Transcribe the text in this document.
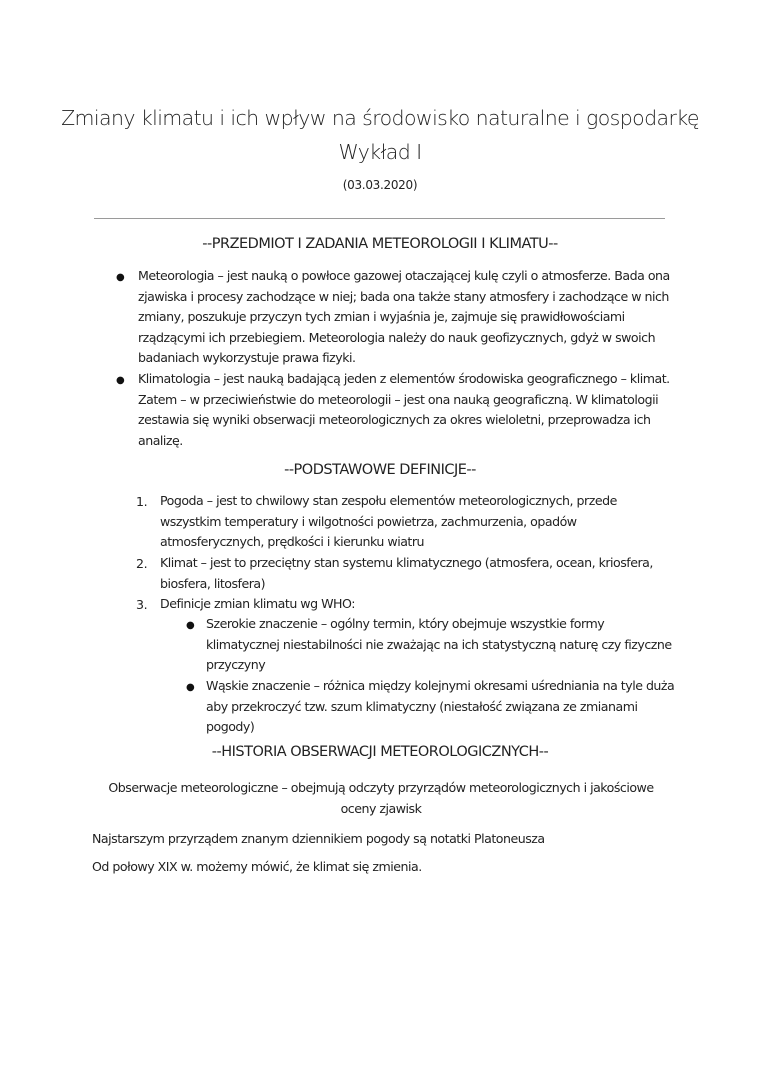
Zmiany klimatu i ich wpływ na środowisko naturalne i gospodarkę
Wykład I
(03.03.2020)
--PRZEDMIOT I ZADANIA METEOROLOGII I KLIMATU--
● Meteorologia – jest nauką o powłoce gazowej otaczającej kulę czyli o atmosferze. Bada ona zjawiska i procesy zachodzące w niej; bada ona także stany atmosfery i zachodzące w nich zmiany, poszukuje przyczyn tych zmian i wyjaśnia je, zajmuje się prawidłowościami rządzącymi ich przebiegiem. Meteorologia należy do nauk geofizycznych, gdyż w swoich badaniach wykorzystuje prawa fizyki.
● Klimatologia – jest nauką badającą jeden z elementów środowiska geograficznego – klimat. Zatem – w przeciwieństwie do meteorologii – jest ona nauką geograficzną. W klimatologii zestawia się wyniki obserwacji meteorologicznych za okres wieloletni, przeprowadza ich analizę.
--PODSTAWOWE DEFINICJE--
1. Pogoda – jest to chwilowy stan zespołu elementów meteorologicznych, przede wszystkim temperatury i wilgotności powietrza, zachmurzenia, opadów atmosferycznych, prędkości i kierunku wiatru
2. Klimat – jest to przeciętny stan systemu klimatycznego (atmosfera, ocean, kriosfera, biosfera, litosfera)
3. Definicje zmian klimatu wg WHO:
● Szerokie znaczenie – ogólny termin, który obejmuje wszystkie formy klimatycznej niestabilności nie zważając na ich statystyczną naturę czy fizyczne przyczyny
● Wąskie znaczenie – różnica między kolejnymi okresami uśredniania na tyle duża aby przekroczyć tzw. szum klimatyczny (niestałość związana ze zmianami pogody)
--HISTORIA OBSERWACJI METEOROLOGICZNYCH--
Obserwacje meteorologiczne – obejmują odczyty przyrządów meteorologicznych i jakościowe oceny zjawisk
Najstarszym przyrządem znanym dziennikiem pogody są notatki Platoneusza
Od połowy XIX w. możemy mówić, że klimat się zmienia.
